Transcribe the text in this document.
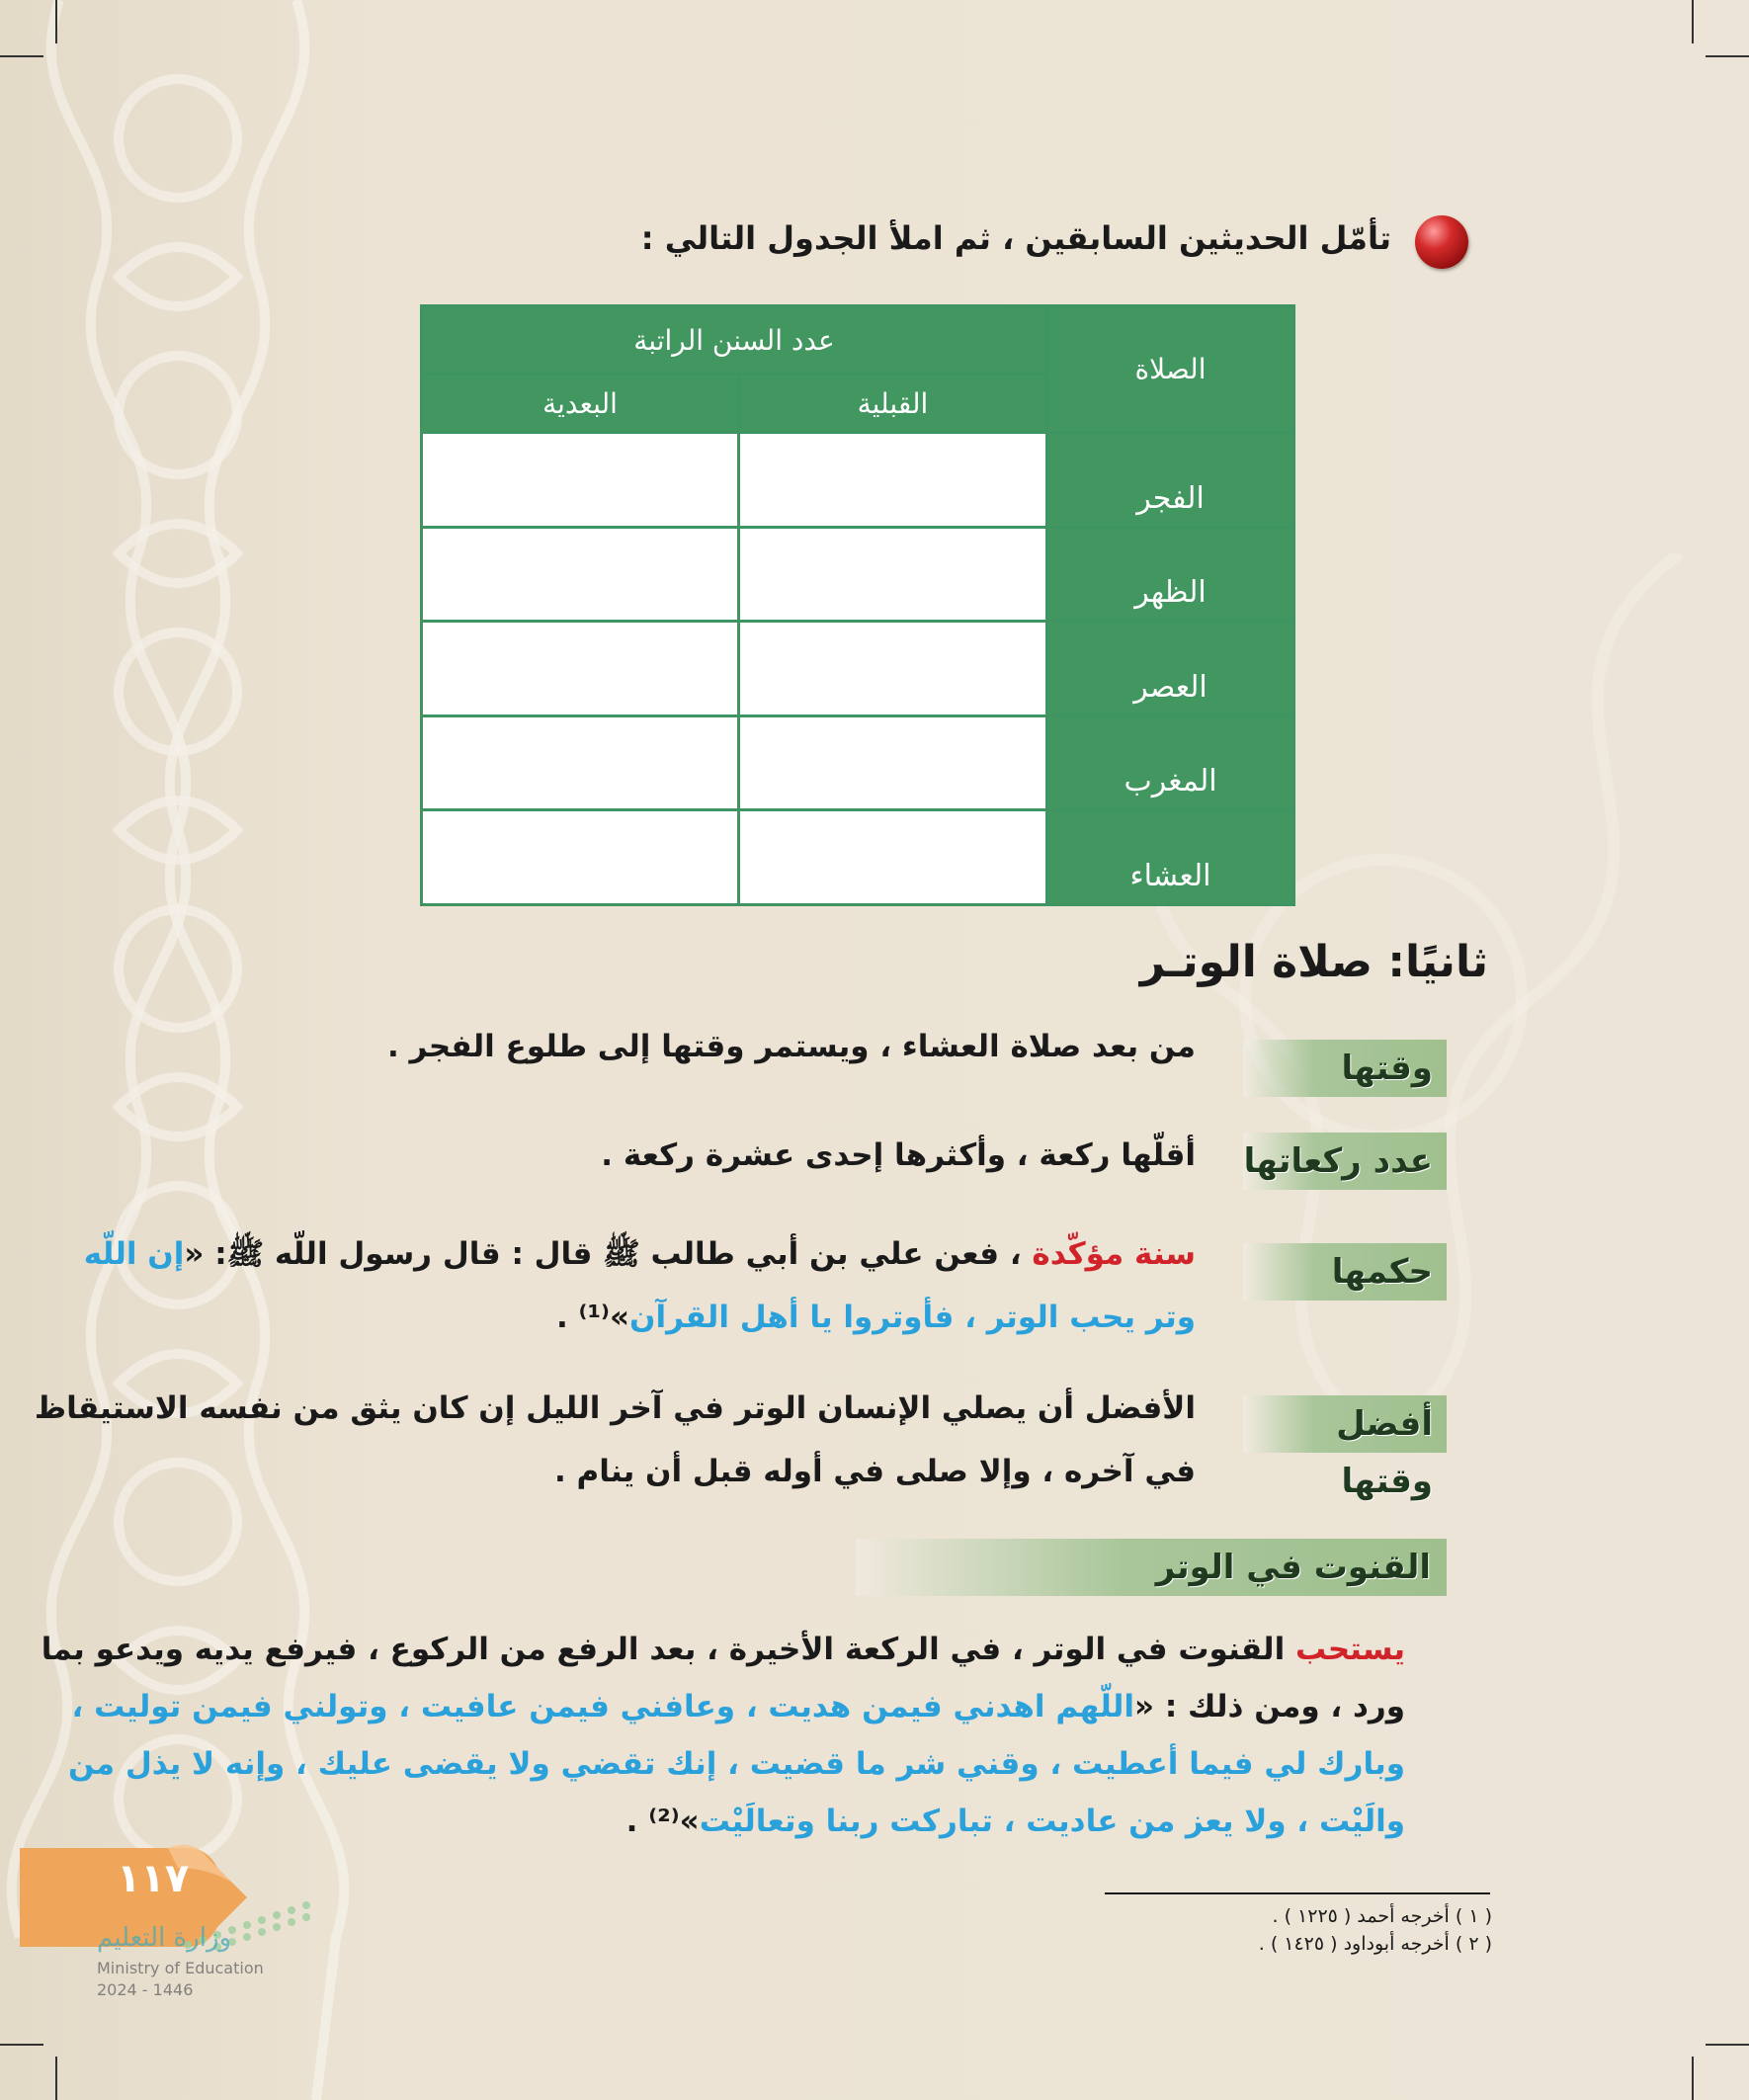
تأمّل الحديثين السابقين ، ثم املأ الجدول التالي :
الصلاة	عدد السنن الراتبة	
	القبلية	البعدية
الفجر		
الظهر		
العصر		
المغرب		
العشاء		
ثانيًا: صلاة الوتـر
وقتها
من بعد صلاة العشاء ، ويستمر وقتها إلى طلوع الفجر .
عدد ركعاتها
أقلّها ركعة ، وأكثرها إحدى عشرة ركعة .
حكمها
سنة مؤكّدة ، فعن علي بن أبي طالب ﷺ قال : قال رسول اللّه ﷺ: «إن اللّه
وتر يحب الوتر ، فأوتروا يا أهل القرآن»⁽¹⁾ .
أفضل وقتها
الأفضل أن يصلي الإنسان الوتر في آخر الليل إن كان يثق من نفسه الاستيقاظ
في آخره ، وإلا صلى في أوله قبل أن ينام .
القنوت في الوتر

يستحب القنوت في الوتر ، في الركعة الأخيرة ، بعد الرفع من الركوع ، فيرفع يديه ويدعو بما

ورد ، ومن ذلك : «اللّهم اهدني فيمن هديت ، وعافني فيمن عافيت ، وتولني فيمن توليت ،

وبارك لي فيما أعطيت ، وقني شر ما قضيت ، إنك تقضي ولا يقضى عليك ، وإنه لا يذل من

والَيْت ، ولا يعز من عاديت ، تباركت ربنا وتعالَيْت»⁽²⁾ .

( ١ ) أخرجه أحمد ( ١٢٢٥ ) .
( ٢ ) أخرجه أبوداود ( ١٤٢٥ ) .
١١٧
وزارة التعليم
Ministry of Education
2024 - 1446
